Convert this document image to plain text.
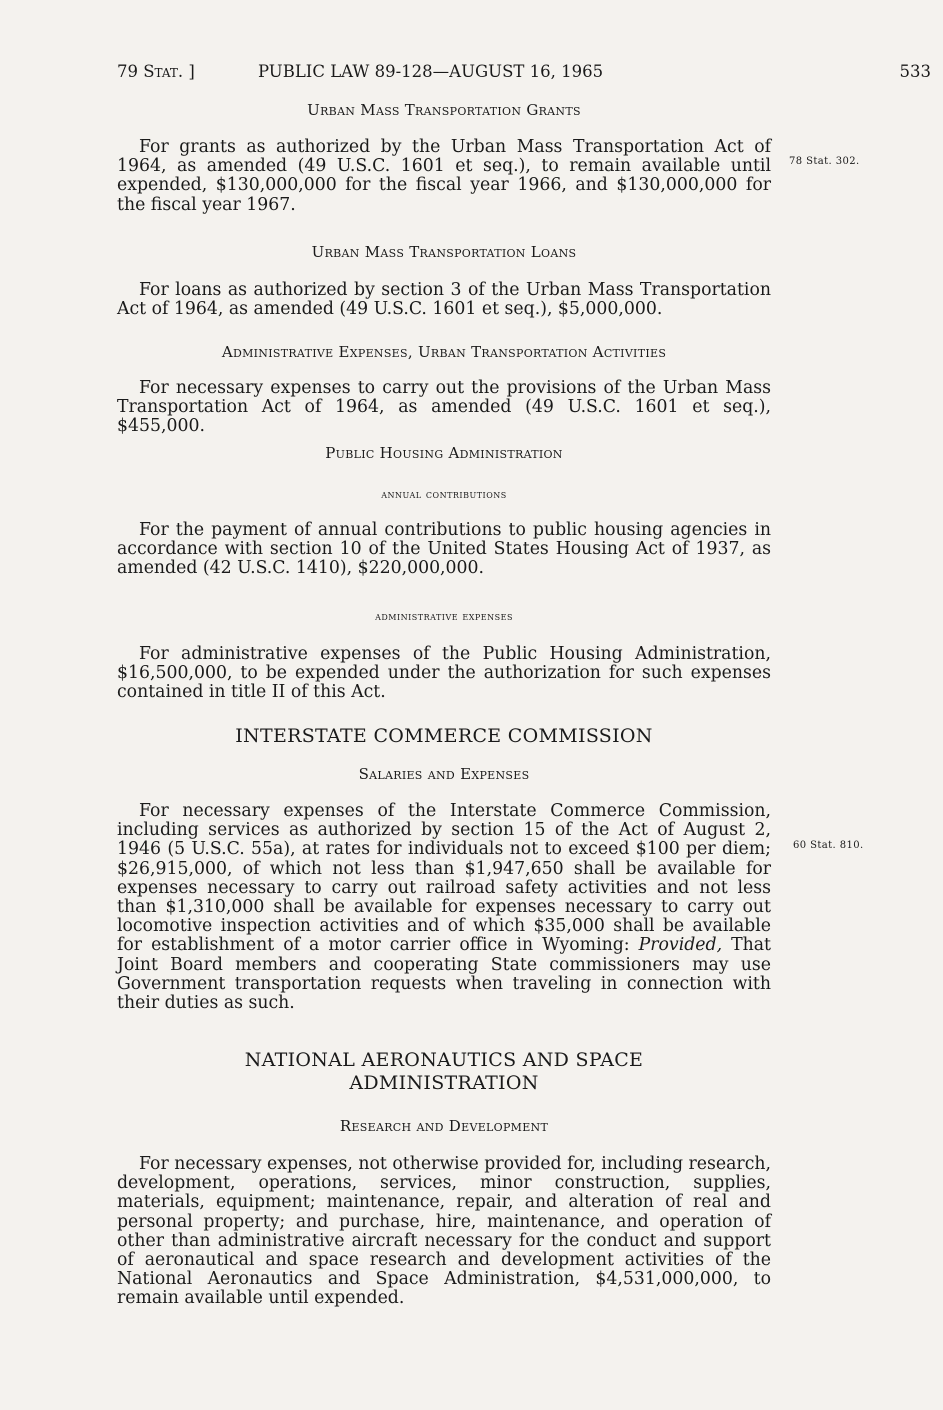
79 Stat. ]	PUBLIC LAW 89-128—AUGUST 16, 1965	533
78 Stat. 302.
60 Stat. 810.
Urban Mass Transportation Grants

For grants as authorized by the Urban Mass Transportation Act of 1964, as amended (49 U.S.C. 1601 et seq.), to remain available until expended, $130,000,000 for the fiscal year 1966, and $130,000,000 for the fiscal year 1967.

Urban Mass Transportation Loans

For loans as authorized by section 3 of the Urban Mass Transportation Act of 1964, as amended (49 U.S.C. 1601 et seq.), $5,000,000.

Administrative Expenses, Urban Transportation Activities

For necessary expenses to carry out the provisions of the Urban Mass Transportation Act of 1964, as amended (49 U.S.C. 1601 et seq.), $455,000.

Public Housing Administration
annual contributions

For the payment of annual contributions to public housing agencies in accordance with section 10 of the United States Housing Act of 1937, as amended (42 U.S.C. 1410), $220,000,000.

administrative expenses

For administrative expenses of the Public Housing Administration, $16,500,000, to be expended under the authorization for such expenses contained in title II of this Act.

INTERSTATE COMMERCE COMMISSION
Salaries and Expenses

For necessary expenses of the Interstate Commerce Commission, including services as authorized by section 15 of the Act of August 2, 1946 (5 U.S.C. 55a), at rates for individuals not to exceed $100 per diem; $26,915,000, of which not less than $1,947,650 shall be available for expenses necessary to carry out railroad safety activities and not less than $1,310,000 shall be available for expenses necessary to carry out locomotive inspection activities and of which $35,000 shall be available for establishment of a motor carrier office in Wyoming: Provided, That Joint Board members and cooperating State commissioners may use Government transportation requests when traveling in connection with their duties as such.

NATIONAL AERONAUTICS AND SPACE
ADMINISTRATION
Research and Development

For necessary expenses, not otherwise provided for, including research, development, operations, services, minor construction, supplies, materials, equipment; maintenance, repair, and alteration of real and personal property; and purchase, hire, maintenance, and operation of other than administrative aircraft necessary for the conduct and support of aeronautical and space research and development activities of the National Aeronautics and Space Administration, $4,531,000,000, to remain available until expended.
